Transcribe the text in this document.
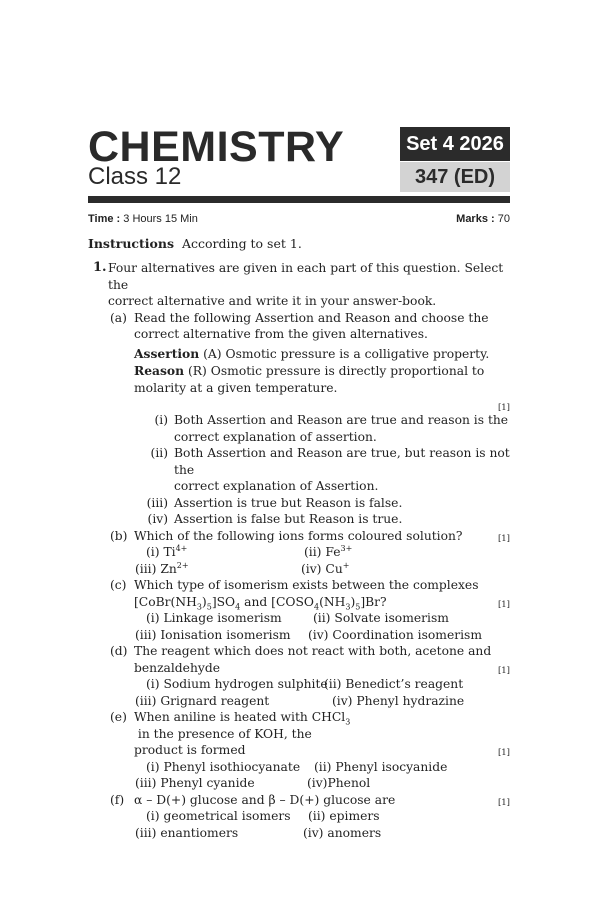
CHEMISTRY
Class 12
Set 4 2026
347 (ED)
Time : 3 Hours 15 Min	Marks : 70
Instructions According to set 1.
1. Four alternatives are given in each part of this question. Select the
correct alternative and write it in your answer-book.
(a) Read the following Assertion and Reason and choose the
correct alternative from the given alternatives.
Assertion (A) Osmotic pressure is a colligative property.
Reason (R) Osmotic pressure is directly proportional to
molarity at a given temperature.
[1]
(i) Both Assertion and Reason are true and reason is the
correct explanation of assertion.
(ii) Both Assertion and Reason are true, but reason is not the
correct explanation of Assertion.
(iii) Assertion is true but Reason is false.
(iv) Assertion is false but Reason is true.
(b)	[1]
Which of the following ions forms coloured solution?
(i) $Ti^{4+}$	(ii) $Fe^{3+}$
(iii) $Zn^{2+}$	(iv) Cu+
(c) Which type of isomerism exists between the complexes
$[CoBr(NH_3)_5]SO_4$ and $[COSO_4(NH_3)_5]Br$?	[1]
(i) Linkage isomerism	(ii) Solvate isomerism
(iii) Ionisation isomerism (iv) Coordination isomerism
(d) The reagent which does not react with both, acetone and
benzaldehyde	[1]
(i) Sodium hydrogen sulphite
(ii) Benedict’s reagent
(iii) Grignard reagent	(iv) Phenyl hydrazine
(e) When aniline is heated with CHCl$_3$ in the presence of KOH, the
product is formed	[1]
(i) Phenyl isothiocyanate (ii) Phenyl isocyanide
(iii) Phenyl cyanide	(iv)Phenol
(f)	[1]
α – D(+) glucose and β – D(+) glucose are
(i) geometrical isomers (ii) epimers
(iii) enantiomers	(iv) anomers
